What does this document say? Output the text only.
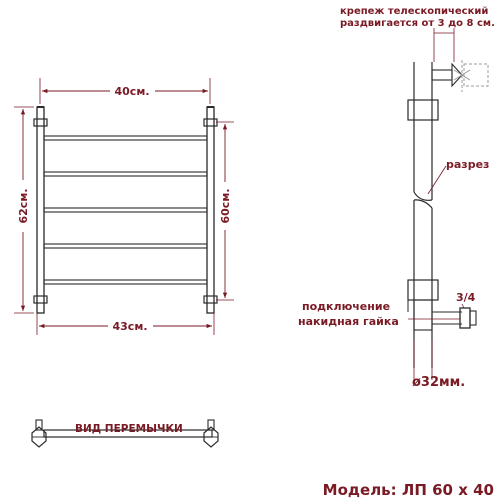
40см.
43см.
62см.	60см.
крепеж телескопический
раздвигается от 3 до 8 см.
3/4
разрез
подключение
накидная гайка
ø32мм.
ВИД ПЕРЕМЫЧКИ
Модель: ЛП 60 х 40
